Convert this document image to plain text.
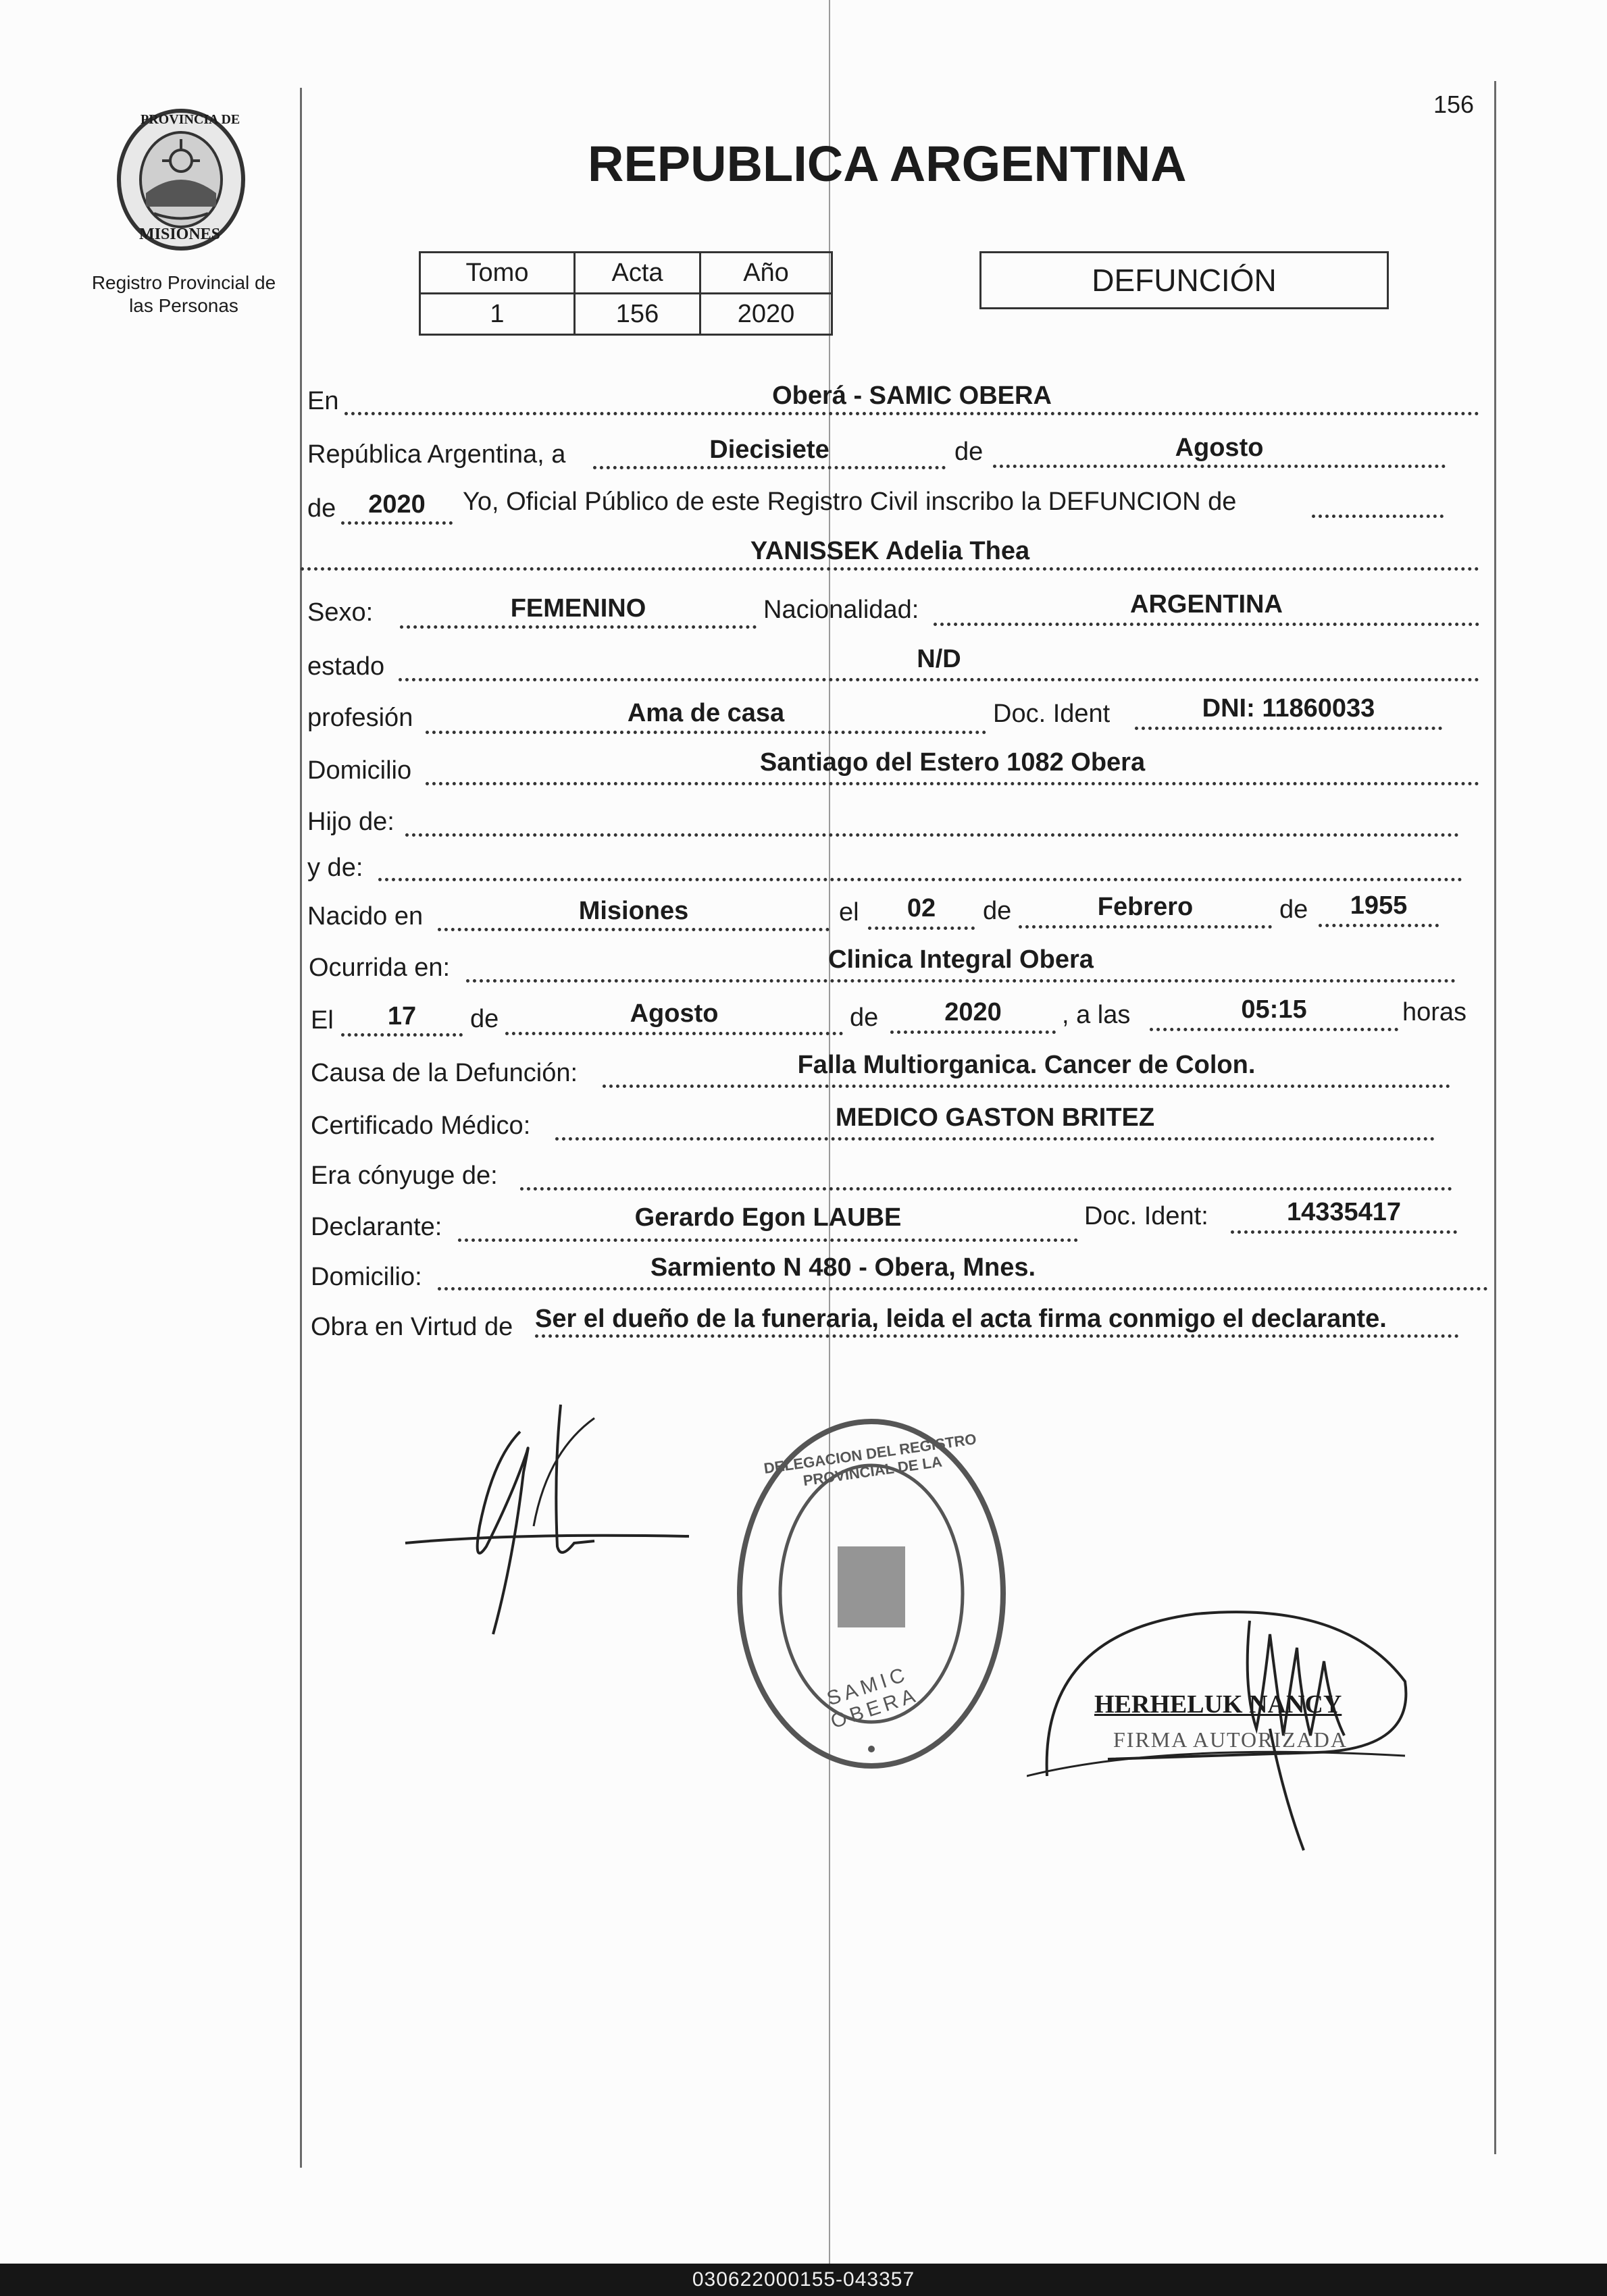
156
PROVINCIA DE
MISIONES
Registro Provincial de
las Personas
REPUBLICA ARGENTINA
Tomo	Acta	Año
1	156	2020
DEFUNCIÓN
En	Oberá - SAMIC OBERA
República Argentina, a	Diecisiete	de	Agosto
de	2020	Yo, Oficial Público de este Registro Civil inscribo la DEFUNCION de
YANISSEK Adelia Thea
Sexo:	FEMENINO	Nacionalidad:	ARGENTINA
estado	N/D
profesión	Ama de casa	Doc. Ident	DNI: 11860033
Domicilio	Santiago del Estero 1082 Obera
Hijo de:
y de:
Nacido en	Misiones	el	02	de	Febrero	de	1955
Ocurrida en:	Clinica Integral Obera
El	17	de	Agosto	de	2020	, a las	05:15	horas
Causa de la Defunción:	Falla Multiorganica. Cancer de Colon.
Certificado Médico:	MEDICO GASTON BRITEZ
Era cónyuge de:
Declarante:	Gerardo Egon LAUBE	Doc. Ident:	14335417
Domicilio:	Sarmiento N 480 - Obera, Mnes.
Obra en Virtud de Ser el dueño de la funeraria, leida el acta firma conmigo el declarante.
DELEGACION DEL REGISTRO PROVINCIAL DE LA
SAMIC OBERA	HERHELUK NANCY
FIRMA AUTORIZADA
030622000155-043357
